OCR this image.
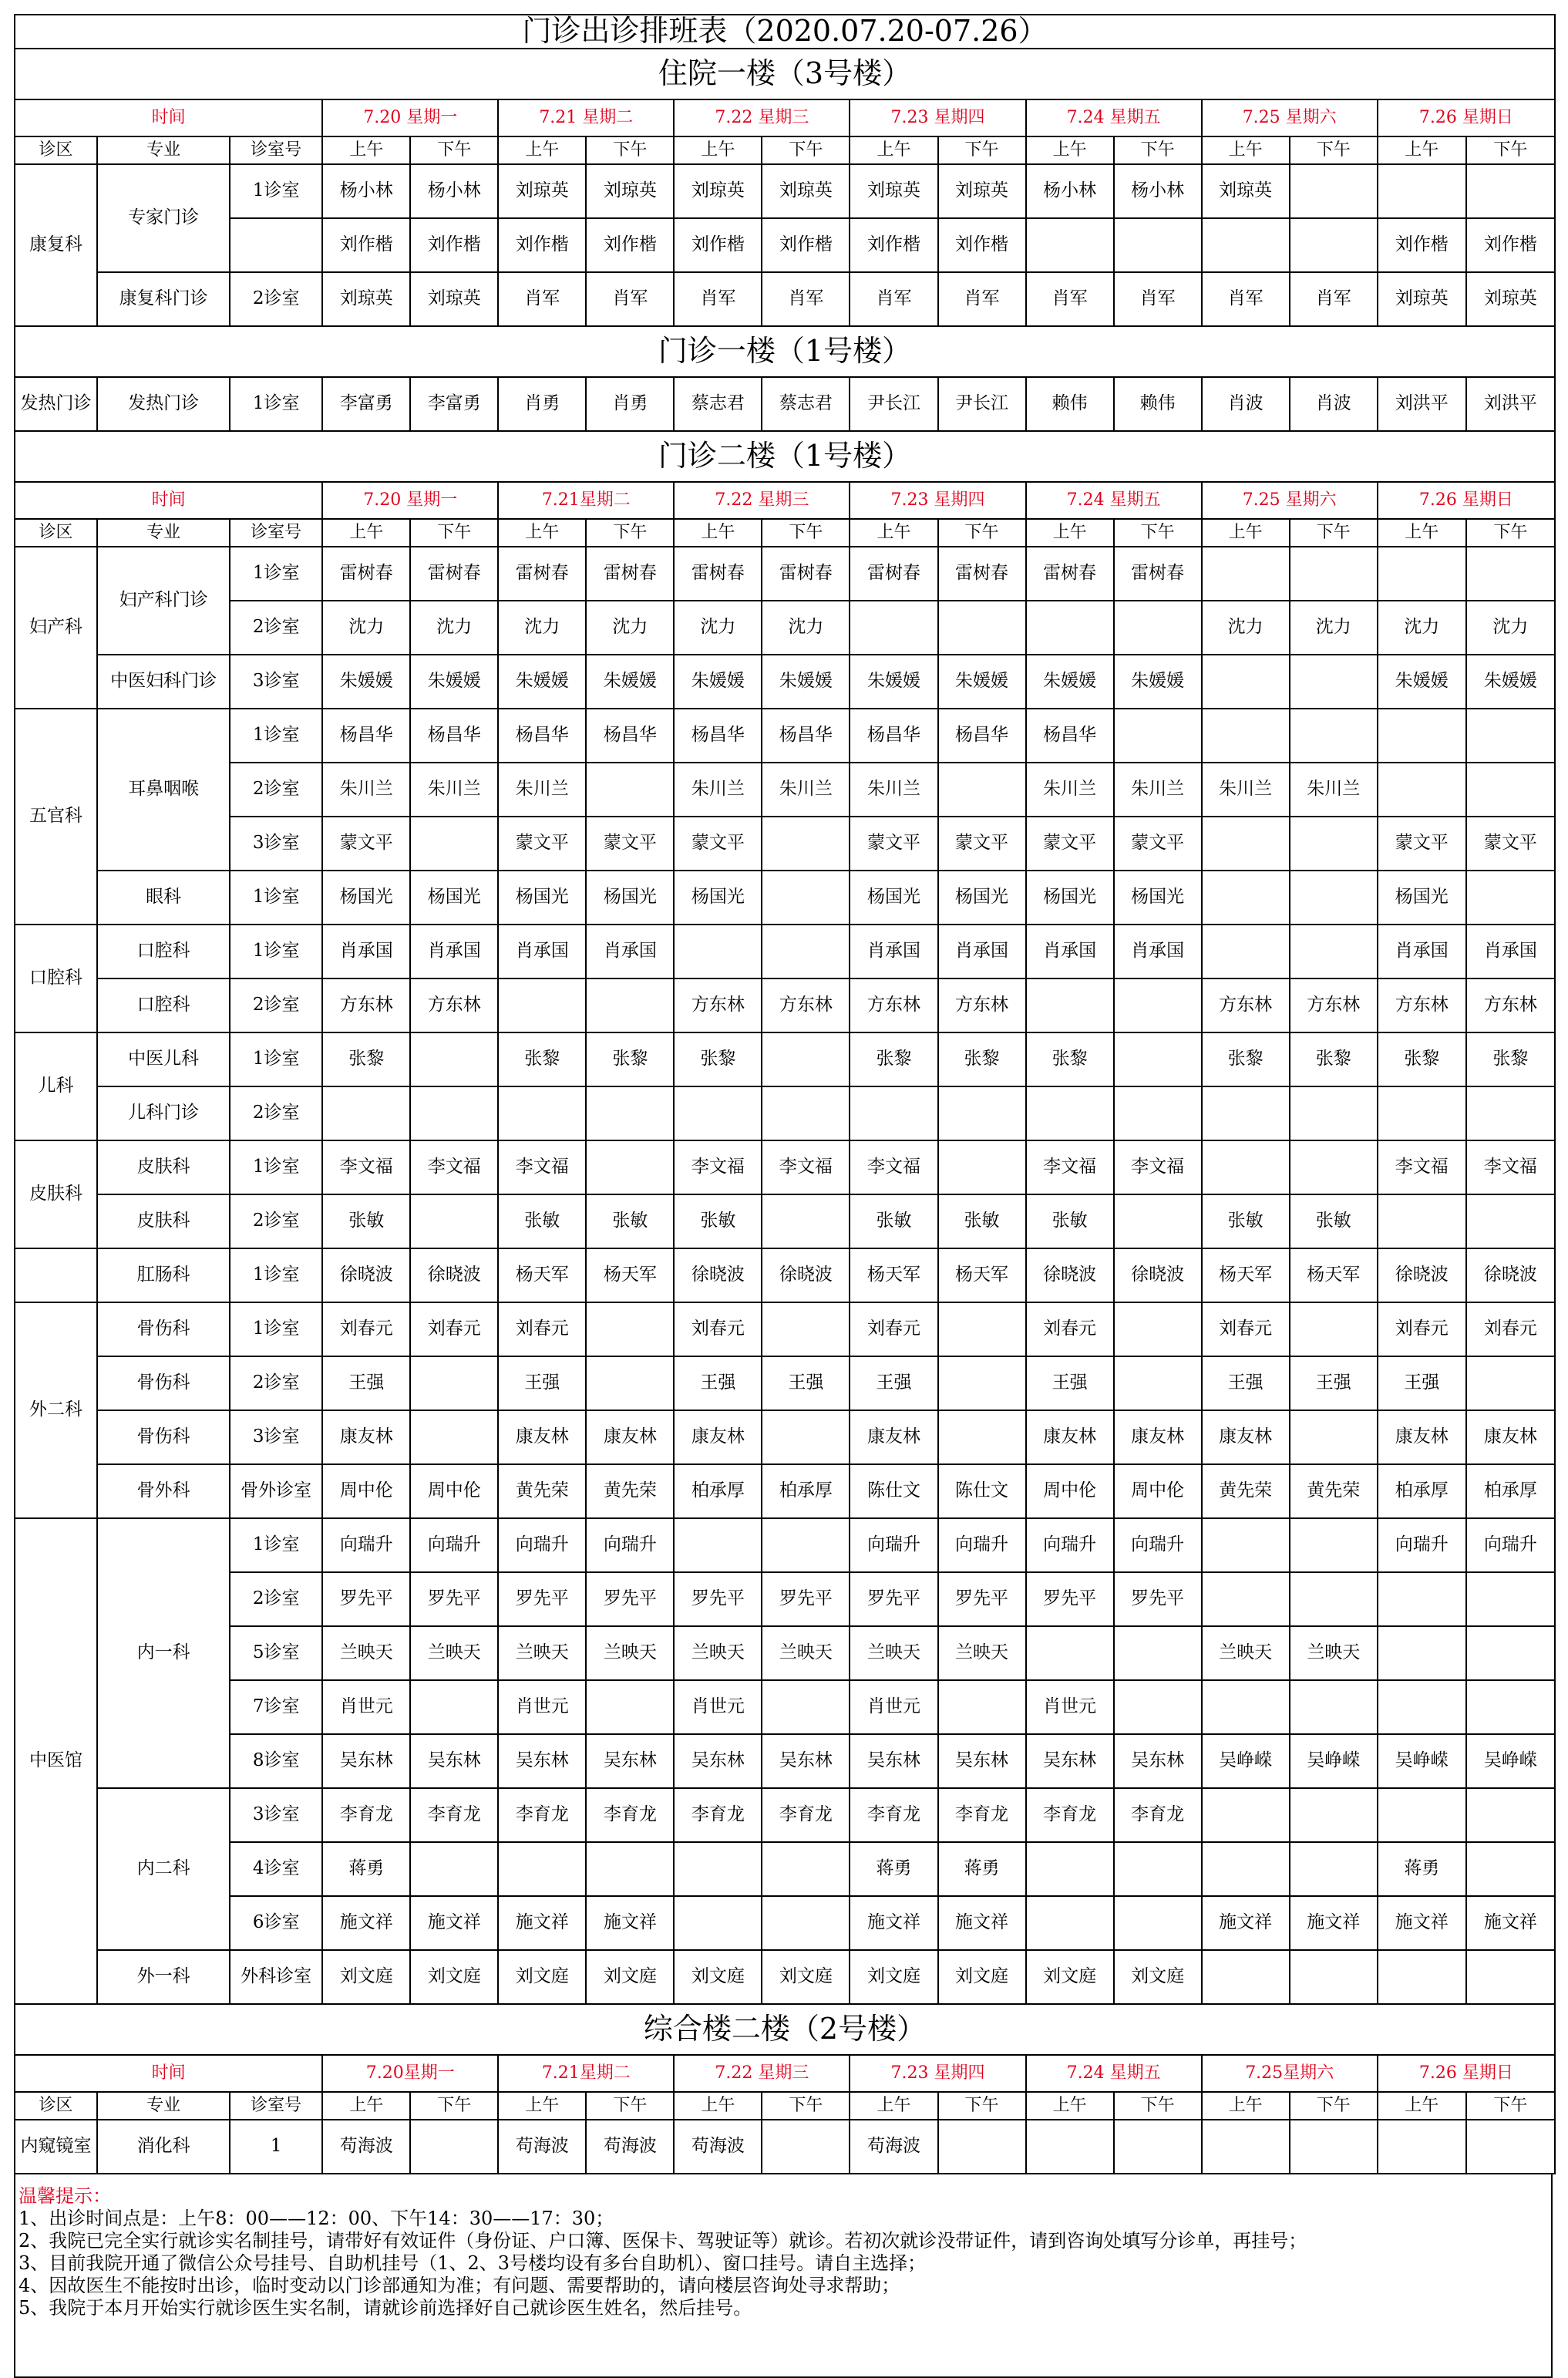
门诊出诊排班表（2020.07.20-07.26）																
住院一楼（3号楼）																
时间			7.20 星期一		7.21 星期二		7.22 星期三		7.23 星期四		7.24 星期五		7.25 星期六		7.26 星期日	
诊区	专业	诊室号	上午	下午	上午	下午	上午	下午	上午	下午	上午	下午	上午	下午	上午	下午
康复科	专家门诊	1诊室	杨小林	杨小林	刘琼英	刘琼英	刘琼英	刘琼英	刘琼英	刘琼英	杨小林	杨小林	刘琼英			
			刘作楷	刘作楷	刘作楷	刘作楷	刘作楷	刘作楷	刘作楷	刘作楷					刘作楷	刘作楷
	康复科门诊	2诊室	刘琼英	刘琼英	肖军	肖军	肖军	肖军	肖军	肖军	肖军	肖军	肖军	肖军	刘琼英	刘琼英
门诊一楼（1号楼）																
发热门诊	发热门诊	1诊室	李富勇	李富勇	肖勇	肖勇	蔡志君	蔡志君	尹长江	尹长江	赖伟	赖伟	肖波	肖波	刘洪平	刘洪平
门诊二楼（1号楼）																
时间			7.20 星期一		7.21星期二		7.22 星期三		7.23 星期四		7.24 星期五		7.25 星期六		7.26 星期日	
诊区	专业	诊室号	上午	下午	上午	下午	上午	下午	上午	下午	上午	下午	上午	下午	上午	下午
妇产科	妇产科门诊	1诊室	雷树春	雷树春	雷树春	雷树春	雷树春	雷树春	雷树春	雷树春	雷树春	雷树春				
		2诊室	沈力	沈力	沈力	沈力	沈力	沈力					沈力	沈力	沈力	沈力
	中医妇科门诊	3诊室	朱媛媛	朱媛媛	朱媛媛	朱媛媛	朱媛媛	朱媛媛	朱媛媛	朱媛媛	朱媛媛	朱媛媛			朱媛媛	朱媛媛
五官科	耳鼻咽喉	1诊室	杨昌华	杨昌华	杨昌华	杨昌华	杨昌华	杨昌华	杨昌华	杨昌华	杨昌华					
		2诊室	朱川兰	朱川兰	朱川兰		朱川兰	朱川兰	朱川兰		朱川兰	朱川兰	朱川兰	朱川兰		
		3诊室	蒙文平		蒙文平	蒙文平	蒙文平		蒙文平	蒙文平	蒙文平	蒙文平			蒙文平	蒙文平
	眼科	1诊室	杨国光	杨国光	杨国光	杨国光	杨国光		杨国光	杨国光	杨国光	杨国光			杨国光	
口腔科	口腔科	1诊室	肖承国	肖承国	肖承国	肖承国			肖承国	肖承国	肖承国	肖承国			肖承国	肖承国
	口腔科	2诊室	方东林	方东林			方东林	方东林	方东林	方东林			方东林	方东林	方东林	方东林
儿科	中医儿科	1诊室	张黎		张黎	张黎	张黎		张黎	张黎	张黎		张黎	张黎	张黎	张黎
	儿科门诊	2诊室														
皮肤科	皮肤科	1诊室	李文福	李文福	李文福		李文福	李文福	李文福		李文福	李文福			李文福	李文福
	皮肤科	2诊室	张敏		张敏	张敏	张敏		张敏	张敏	张敏		张敏	张敏		
	肛肠科	1诊室	徐晓波	徐晓波	杨天军	杨天军	徐晓波	徐晓波	杨天军	杨天军	徐晓波	徐晓波	杨天军	杨天军	徐晓波	徐晓波
外二科	骨伤科	1诊室	刘春元	刘春元	刘春元		刘春元		刘春元		刘春元		刘春元		刘春元	刘春元
	骨伤科	2诊室	王强		王强		王强	王强	王强		王强		王强	王强	王强	
	骨伤科	3诊室	康友林		康友林	康友林	康友林		康友林		康友林	康友林	康友林		康友林	康友林
	骨外科	骨外诊室	周中伦	周中伦	黄先荣	黄先荣	柏承厚	柏承厚	陈仕文	陈仕文	周中伦	周中伦	黄先荣	黄先荣	柏承厚	柏承厚
中医馆	内一科	1诊室	向瑞升	向瑞升	向瑞升	向瑞升			向瑞升	向瑞升	向瑞升	向瑞升			向瑞升	向瑞升
		2诊室	罗先平	罗先平	罗先平	罗先平	罗先平	罗先平	罗先平	罗先平	罗先平	罗先平				
		5诊室	兰映天	兰映天	兰映天	兰映天	兰映天	兰映天	兰映天	兰映天			兰映天	兰映天		
		7诊室	肖世元		肖世元		肖世元		肖世元		肖世元					
		8诊室	吴东林	吴东林	吴东林	吴东林	吴东林	吴东林	吴东林	吴东林	吴东林	吴东林	吴峥嵘	吴峥嵘	吴峥嵘	吴峥嵘
	内二科	3诊室	李育龙	李育龙	李育龙	李育龙	李育龙	李育龙	李育龙	李育龙	李育龙	李育龙				
		4诊室	蒋勇						蒋勇	蒋勇					蒋勇	
		6诊室	施文祥	施文祥	施文祥	施文祥			施文祥	施文祥			施文祥	施文祥	施文祥	施文祥
	外一科	外科诊室	刘文庭	刘文庭	刘文庭	刘文庭	刘文庭	刘文庭	刘文庭	刘文庭	刘文庭	刘文庭				
综合楼二楼（2号楼）																
时间			7.20星期一		7.21星期二		7.22 星期三		7.23 星期四		7.24 星期五		7.25星期六		7.26 星期日	
诊区	专业	诊室号	上午	下午	上午	下午	上午	下午	上午	下午	上午	下午	上午	下午	上午	下午
内窥镜室	消化科	1	苟海波		苟海波	苟海波	苟海波		苟海波							
温馨提示：
1、出诊时间点是：上午8：00——12：00、下午14：30——17：30；
2、我院已完全实行就诊实名制挂号，请带好有效证件（身份证、户口簿、医保卡、驾驶证等）就诊。若初次就诊没带证件，请到咨询处填写分诊单，再挂号；
3、目前我院开通了微信公众号挂号、自助机挂号（1、2、3号楼均设有多台自助机）、窗口挂号。请自主选择；
4、因故医生不能按时出诊，临时变动以门诊部通知为准；有问题、需要帮助的，请向楼层咨询处寻求帮助；
5、我院于本月开始实行就诊医生实名制，请就诊前选择好自己就诊医生姓名，然后挂号。
